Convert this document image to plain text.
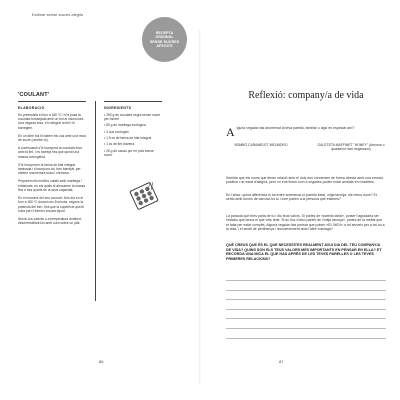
Estimar sense sucres afegits
RECEPTA ORIGINAL SENSE SUCRES AFEGITS
'COULANT'
ELABORACIÓ

Es preescalfa el forn a 180 ºC i s'hi posa la xocolata trossejada amb un bol al microones. Una vegada fosa, s'hi afegeix la llet i hi barregem.

En un altre bol hi batem els ous amb una mica de sucre (ometre-lo).

A continuació s'hi incorpora la xocolata fosa amb la llet, i es barreja fins que quedi una massa homogènia.

S'hi incorporen la farina de blat integral tamisada i s'incorpora tot, ben barrejat, per obtenir una textura suau i cremosa.

Preparem els motllos untats amb mantega i enfarinats, en els quals hi abocarem la massa fins a tres quarts de la seva capacitat.

En el moment del seu consum, fem-los en el forn a 180 ºC durant uns 8 minuts, segons la potència del forn, fins que la superfície quedi cuita però l'interior encara líquid.

Serviu-los calents o a temperatura ambient, desemmotllant-los amb cura sobre un plat.

INGREDIENTS

• 250 g de xocolata negra sense sucre per fondre

• 60 g de mantega ecològica

• 3 ous ecològics

• 1,5 cs de farina de blat integral

• 1 cs de llet d'avena

• 25 g de cacau pur en pols sense sucre

86
Reflexió: company/a de vida
A lguna vegada has anomenat la teva parella, familiar o algú en especial així?
BOMBÓ CARAMELET MELINDRO	GALETETA MAFFINET "HONEY" (Amorós o qualsevol nom anglosaxó)

Sembla que els noms que tenen relació amb el dolç ens connecten de forma directa amb una emoció positiva i un estat d'alegria, però no ens fixem com a vegades poden estar arrelats en nosaltres.

En l'amor, quina diferència hi ha entre anomenar-lo parella ideal, mitja taronja, els meus dons? Et sento amb forces de canviar-ho tu i com parles a la persona que estimes?

La paraula que tries parla de tu i diu teus valors. Si parles de «parella ideal», potser t'agradaria ser l'eslabó que tanca el que vols tenir. Si en lloc d'això parles de «mitja taronja», parles de la meitat que et falta per estar complet. Alguna vegada has pensat que potser «EL MEU» a tot serveix per a tot-ho a la vida, i el sentit de pertinença i reconeixement amb l'altre s'amaga?

QUÈ CREUS QUE ÉS EL QUE NECESSITES REALMENT AVUI DIA DEL TEU COMPANY/A DE VIDA? QUINS SÓN ELS TEUS VALORS MÉS IMPORTANTS EN PENSAR EN ELLA? ET RECORDA UNA MICA EL QUE HAS APRÈS DE LES TEVES PARELLES O LES TEVES PRIMERES RELACIONS?
87
